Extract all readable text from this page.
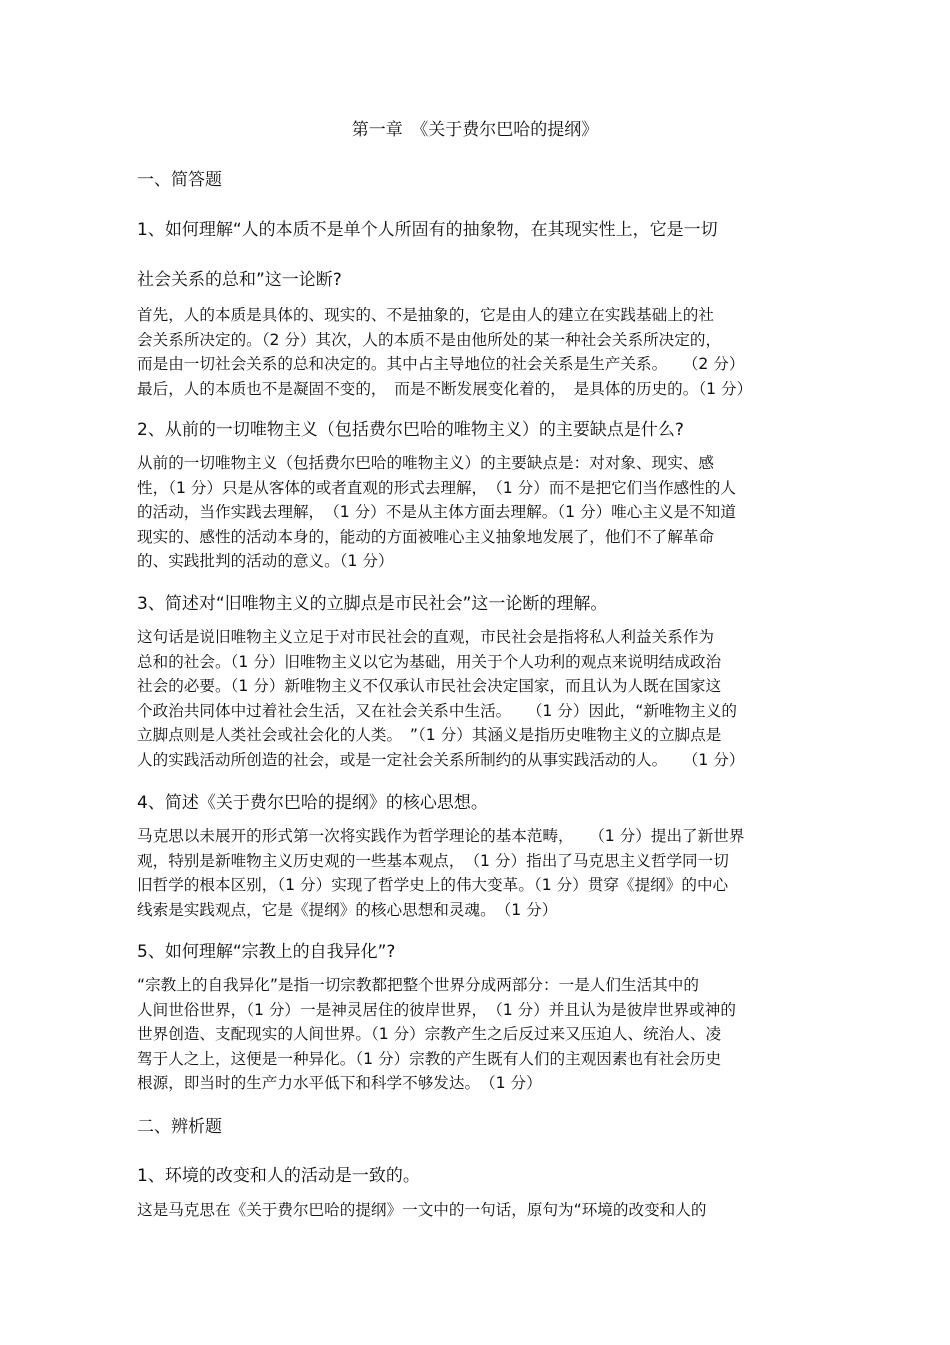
第一章　《关于费尔巴哈的提纲》
一、简答题
1、如何理解“人的本质不是单个人所固有的抽象物，在其现实性上，它是一切
社会关系的总和”这一论断?
首先，人的本质是具体的、现实的、不是抽象的，它是由人的建立在实践基础上的社
会关系所决定的。（2 分）其次，人的本质不是由他所处的某一种社会关系所决定的，
而是由一切社会关系的总和决定的。其中占主导地位的社会关系是生产关系。　　（2 分）
最后，人的本质也不是凝固不变的，　而是不断发展变化着的，　是具体的历史的。（1 分）
2、从前的一切唯物主义（包括费尔巴哈的唯物主义）的主要缺点是什么?
从前的一切唯物主义（包括费尔巴哈的唯物主义）的主要缺点是：对对象、现实、感
性，（1 分）只是从客体的或者直观的形式去理解，　（1 分）而不是把它们当作感性的人
的活动，当作实践去理解，　（1 分）不是从主体方面去理解。（1 分）唯心主义是不知道
现实的、感性的活动本身的，能动的方面被唯心主义抽象地发展了，他们不了解革命
的、实践批判的活动的意义。（1 分）
3、简述对“旧唯物主义的立脚点是市民社会”这一论断的理解。
这句话是说旧唯物主义立足于对市民社会的直观，市民社会是指将私人利益关系作为
总和的社会。（1 分）旧唯物主义以它为基础，用关于个人功利的观点来说明结成政治
社会的必要。（1 分）新唯物主义不仅承认市民社会决定国家，而且认为人既在国家这
个政治共同体中过着社会生活，又在社会关系中生活。　　（1 分）因此，“新唯物主义的
立脚点则是人类社会或社会化的人类。　”（1 分）其涵义是指历史唯物主义的立脚点是
人的实践活动所创造的社会，或是一定社会关系所制约的从事实践活动的人。　　（1 分）
4、简述《关于费尔巴哈的提纲》的核心思想。
马克思以未展开的形式第一次将实践作为哲学理论的基本范畴，　　（1 分）提出了新世界
观，特别是新唯物主义历史观的一些基本观点，　（1 分）指出了马克思主义哲学同一切
旧哲学的根本区别，（1 分）实现了哲学史上的伟大变革。（1 分）贯穿《提纲》的中心
线索是实践观点，它是《提纲》的核心思想和灵魂。　（1 分）
5、如何理解“宗教上的自我异化”?
“宗教上的自我异化”是指一切宗教都把整个世界分成两部分：一是人们生活其中的
人间世俗世界，（1 分）一是神灵居住的彼岸世界，　（1 分）并且认为是彼岸世界或神的
世界创造、支配现实的人间世界。（1 分）宗教产生之后反过来又压迫人、统治人、凌
驾于人之上，这便是一种异化。（1 分）宗教的产生既有人们的主观因素也有社会历史
根源，即当时的生产力水平低下和科学不够发达。　（1 分）
二、辨析题
1、环境的改变和人的活动是一致的。
这是马克思在《关于费尔巴哈的提纲》一文中的一句话，原句为“环境的改变和人的
